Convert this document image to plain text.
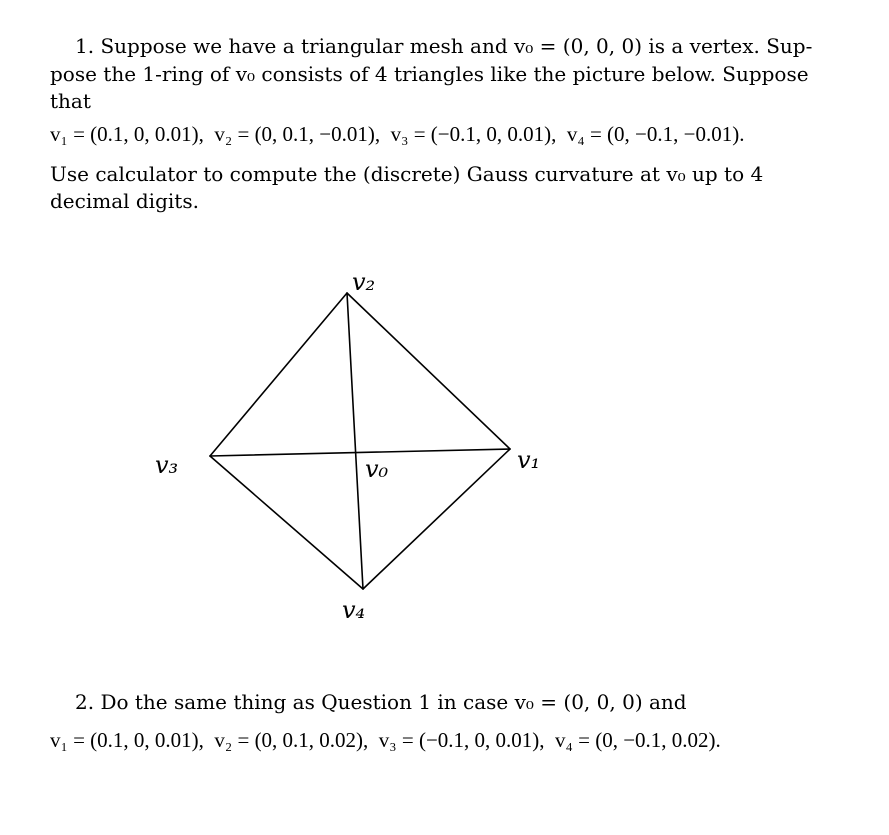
1. Suppose we have a triangular mesh and v₀ = (0, 0, 0) is a vertex. Sup-
pose the 1-ring of v₀ consists of 4 triangles like the picture below. Suppose
that
v₁ = (0.1, 0, 0.01),  v₂ = (0, 0.1, −0.01),  v₃ = (−0.1, 0, 0.01),  v₄ = (0, −0.1, −0.01).
Use calculator to compute the (discrete) Gauss curvature at v₀ up to 4
decimal digits.
v₂
v₁
v₃	v₀
v₄
2. Do the same thing as Question 1 in case v₀ = (0, 0, 0) and
v₁ = (0.1, 0, 0.01),  v₂ = (0, 0.1, 0.02),  v₃ = (−0.1, 0, 0.01),  v₄ = (0, −0.1, 0.02).
